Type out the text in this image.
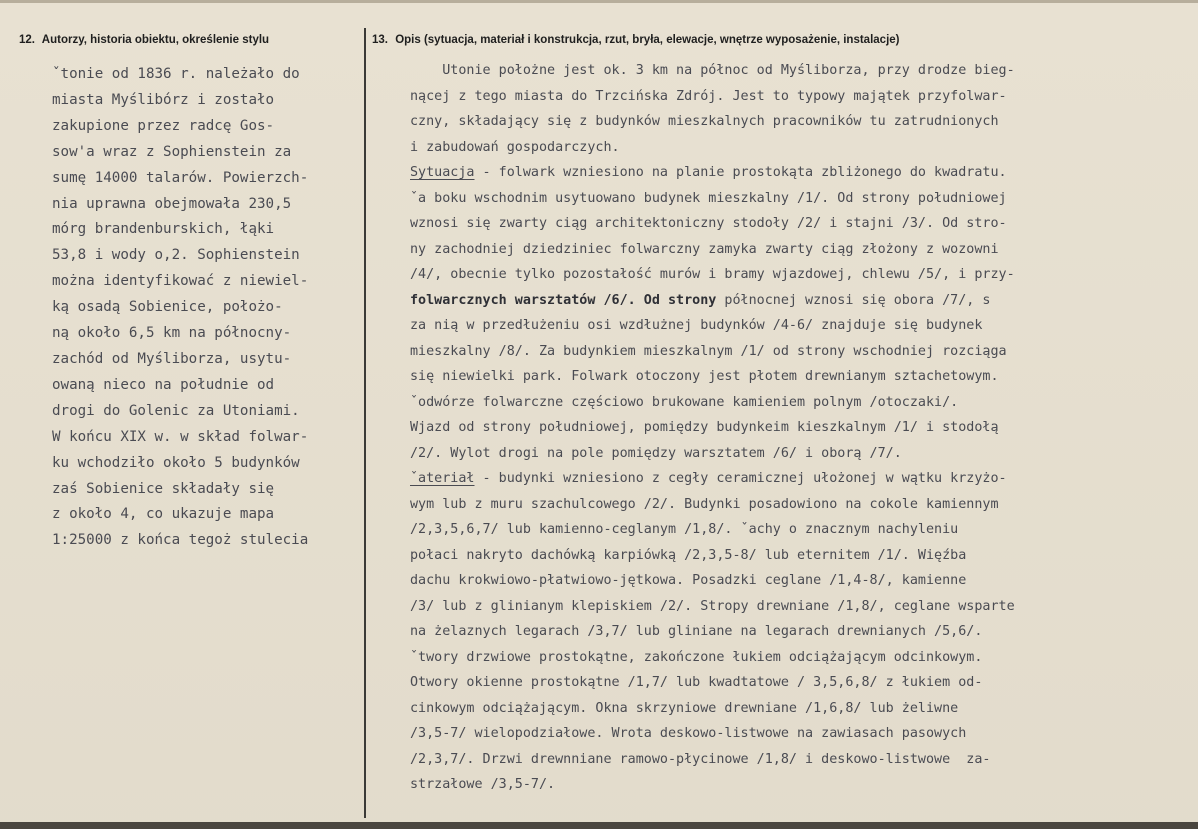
12. Autorzy, historia obiektu, określenie stylu	13. Opis (sytuacja, materiał i konstrukcja, rzut, bryła, elewacje, wnętrze wyposażenie, instalacje)
ˇtonie od 1836 r. należało do
miasta Myślibórz i zostało
zakupione przez radcę Gos-
sow'a wraz z Sophienstein za
sumę 14000 talarów. Powierzch-
nia uprawna obejmowała 230,5
mórg brandenburskich, łąki
53,8 i wody o,2. Sophienstein
można identyfikować z niewiel-
ką osadą Sobienice, położo-
ną około 6,5 km na północny-
zachód od Myśliborza, usytu-
owaną nieco na południe od
drogi do Golenic za Utoniami.
W końcu XIX w. w skład folwar-
ku wchodziło około 5 budynków
zaś Sobienice składały się
z około 4, co ukazuje mapa
1:25000 z końca tegoż stulecia
Utonie położne jest ok. 3 km na północ od Myśliborza, przy drodze bieg-
nącej z tego miasta do Trzcińska Zdrój. Jest to typowy majątek przyfolwar-
czny, składający się z budynków mieszkalnych pracowników tu zatrudnionych
i zabudowań gospodarczych.
Sytuacja - folwark wzniesiono na planie prostokąta zbliżonego do kwadratu.
ˇa boku wschodnim usytuowano budynek mieszkalny /1/. Od strony południowej
wznosi się zwarty ciąg architektoniczny stodoły /2/ i stajni /3/. Od stro-
ny zachodniej dziedziniec folwarczny zamyka zwarty ciąg złożony z wozowni
/4/, obecnie tylko pozostałość murów i bramy wjazdowej, chlewu /5/, i przy-
folwarcznych warsztatów /6/. Od strony północnej wznosi się obora /7/, s
za nią w przedłużeniu osi wzdłużnej budynków /4-6/ znajduje się budynek
mieszkalny /8/. Za budynkiem mieszkalnym /1/ od strony wschodniej rozciąga
się niewielki park. Folwark otoczony jest płotem drewnianym sztachetowym.
ˇodwórze folwarczne częściowo brukowane kamieniem polnym /otoczaki/.
Wjazd od strony południowej, pomiędzy budynkeim kieszkalnym /1/ i stodołą
/2/. Wylot drogi na pole pomiędzy warsztatem /6/ i oborą /7/.
ˇateriał - budynki wzniesiono z cegły ceramicznej ułożonej w wątku krzyżo-
wym lub z muru szachulcowego /2/. Budynki posadowiono na cokole kamiennym
/2,3,5,6,7/ lub kamienno-ceglanym /1,8/. ˇachy o znacznym nachyleniu
połaci nakryto dachówką karpiówką /2,3,5-8/ lub eternitem /1/. Więźba
dachu krokwiowo-płatwiowo-jętkowa. Posadzki ceglane /1,4-8/, kamienne
/3/ lub z glinianym klepiskiem /2/. Stropy drewniane /1,8/, ceglane wsparte
na żelaznych legarach /3,7/ lub gliniane na legarach drewnianych /5,6/.
ˇtwory drzwiowe prostokątne, zakończone łukiem odciążającym odcinkowym.
Otwory okienne prostokątne /1,7/ lub kwadtatowe / 3,5,6,8/ z łukiem od-
cinkowym odciążającym. Okna skrzyniowe drewniane /1,6,8/ lub żeliwne
/3,5-7/ wielopodziałowe. Wrota deskowo-listwowe na zawiasach pasowych
/2,3,7/. Drzwi drewnniane ramowo-płycinowe /1,8/ i deskowo-listwowe  za-
strzałowe /3,5-7/.
